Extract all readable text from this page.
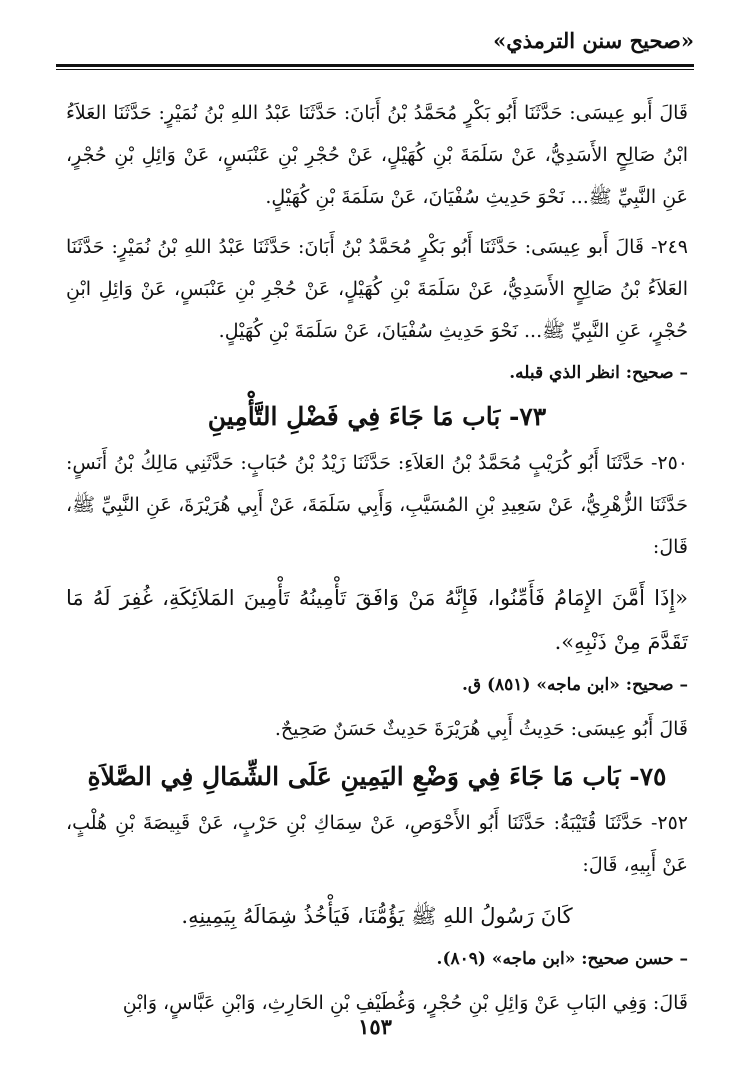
«صحيح سنن الترمذي»

قَالَ أَبو عِيسَى: حَدَّثَنَا أَبُو بَكْرٍ مُحَمَّدُ بْنُ أَبَانَ: حَدَّثَنَا عَبْدُ اللهِ بْنُ نُمَيْرٍ: حَدَّثَنَا العَلاَءُ ابْنُ صَالِحٍ الأَسَدِيُّ، عَنْ سَلَمَةَ بْنِ كُهَيْلٍ، عَنْ حُجْرِ بْنِ عَنْبَسٍ، عَنْ وَائِلِ بْنِ حُجْرٍ، عَنِ النَّبِيِّ ﷺ... نَحْوَ حَدِيثِ سُفْيَانَ، عَنْ سَلَمَةَ بْنِ كُهَيْلٍ.

٢٤٩- قَالَ أَبو عِيسَى: حَدَّثَنَا أَبُو بَكْرٍ مُحَمَّدُ بْنُ أَبَانَ: حَدَّثَنَا عَبْدُ اللهِ بْنُ نُمَيْرٍ: حَدَّثَنَا العَلاَءُ بْنُ صَالِحٍ الأَسَدِيُّ، عَنْ سَلَمَةَ بْنِ كُهَيْلٍ، عَنْ حُجْرِ بْنِ عَنْبَسٍ، عَنْ وَائِلِ ابْنِ حُجْرٍ، عَنِ النَّبِيِّ ﷺ... نَحْوَ حَدِيثِ سُفْيَانَ، عَنْ سَلَمَةَ بْنِ كُهَيْلٍ.

– صحيح: انظر الذي قبله.
٧٣- بَاب مَا جَاءَ فِي فَضْلِ التَّأْمِينِ

٢٥٠- حَدَّثَنَا أَبُو كُرَيْبٍ مُحَمَّدُ بْنُ العَلاَءِ: حَدَّثَنَا زَيْدُ بْنُ حُبَابٍ: حَدَّثَنِي مَالِكُ بْنُ أَنَسٍ: حَدَّثَنَا الزُّهْرِيُّ، عَنْ سَعِيدِ بْنِ المُسَيَّبِ، وَأَبِي سَلَمَةَ، عَنْ أَبِي هُرَيْرَةَ، عَنِ النَّبِيِّ ﷺ، قَالَ:

«إِذَا أَمَّنَ الإِمَامُ فَأَمِّنُوا، فَإِنَّهُ مَنْ وَافَقَ تَأْمِينُهُ تَأْمِينَ المَلاَئِكَةِ، غُفِرَ لَهُ مَا تَقَدَّمَ مِنْ ذَنْبِهِ».

– صحيح: «ابن ماجه» (٨٥١) ق.

قَالَ أَبُو عِيسَى: حَدِيثُ أَبِي هُرَيْرَةَ حَدِيثٌ حَسَنٌ صَحِيحٌ.

٧٥- بَاب مَا جَاءَ فِي وَضْعِ اليَمِينِ عَلَى الشِّمَالِ فِي الصَّلاَةِ

٢٥٢- حَدَّثَنَا قُتَيْبَةُ: حَدَّثَنَا أَبُو الأَحْوَصِ، عَنْ سِمَاكِ بْنِ حَرْبٍ، عَنْ قَبِيصَةَ بْنِ هُلْبٍ، عَنْ أَبِيهِ، قَالَ:

كَانَ رَسُولُ اللهِ ﷺ يَؤُمُّنَا، فَيَأْخُذُ شِمَالَهُ بِيَمِينِهِ.

– حسن صحيح: «ابن ماجه» (٨٠٩).

قَالَ: وَفِي البَابِ عَنْ وَائِلِ بْنِ حُجْرٍ، وَغُطَيْفِ بْنِ الحَارِثِ، وَابْنِ عَبَّاسٍ، وَابْنِ

١٥٣
